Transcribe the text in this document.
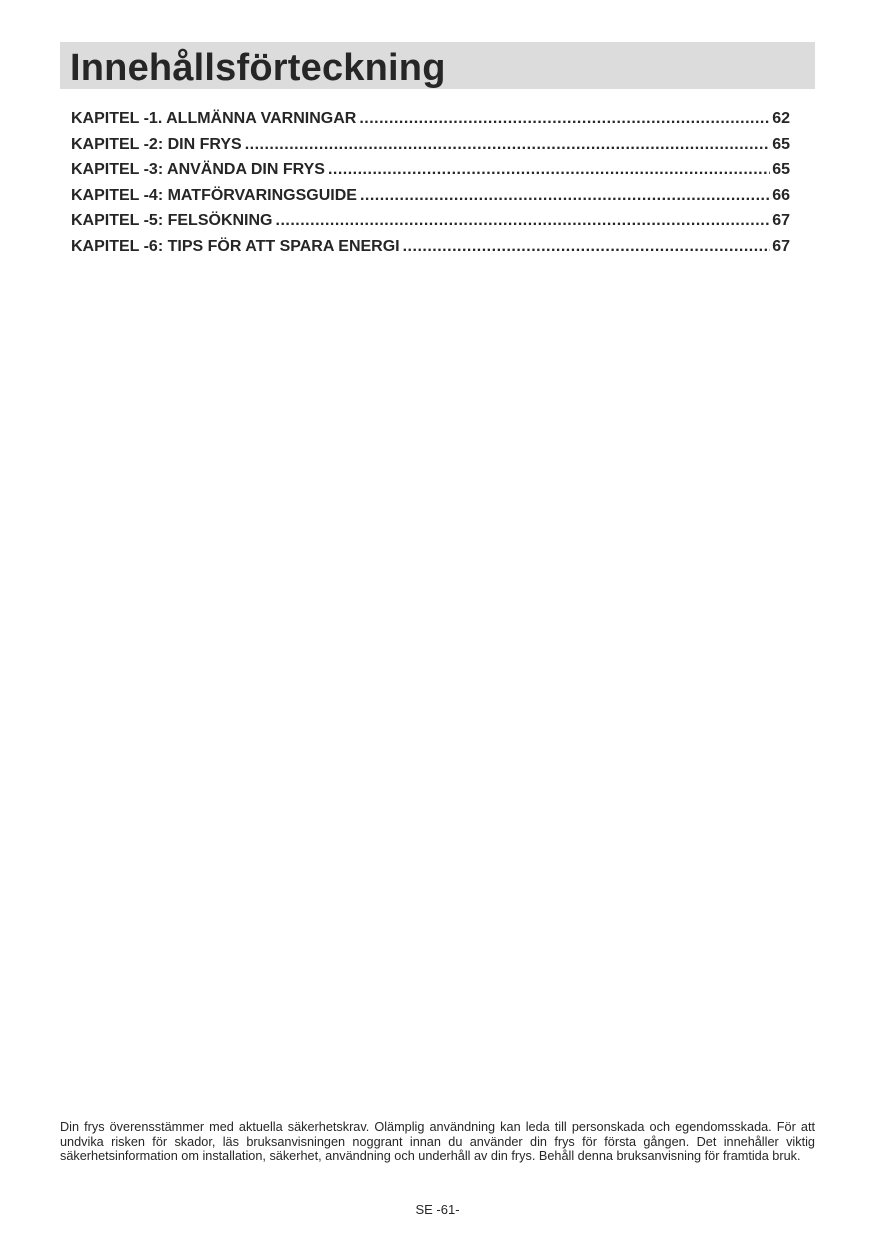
Innehållsförteckning
KAPITEL -1. ALLMÄNNA VARNINGAR .....	62
KAPITEL -2: DIN FRYS .....	65
KAPITEL -3: ANVÄNDA DIN FRYS .....	65
KAPITEL -4: MATFÖRVARINGSGUIDE .....	66
KAPITEL -5: FELSÖKNING .....	67
KAPITEL -6: TIPS FÖR ATT SPARA ENERGI .....	67

Din frys överensstämmer med aktuella säkerhetskrav. Olämplig användning kan leda till personskada och egendomsskada. För att undvika risken för skador, läs bruksanvisningen noggrant innan du använder din frys för första gången. Det innehåller viktig säkerhetsinformation om installation, säkerhet, användning och underhåll av din frys. Behåll denna bruksanvisning för framtida bruk.

SE -61-
